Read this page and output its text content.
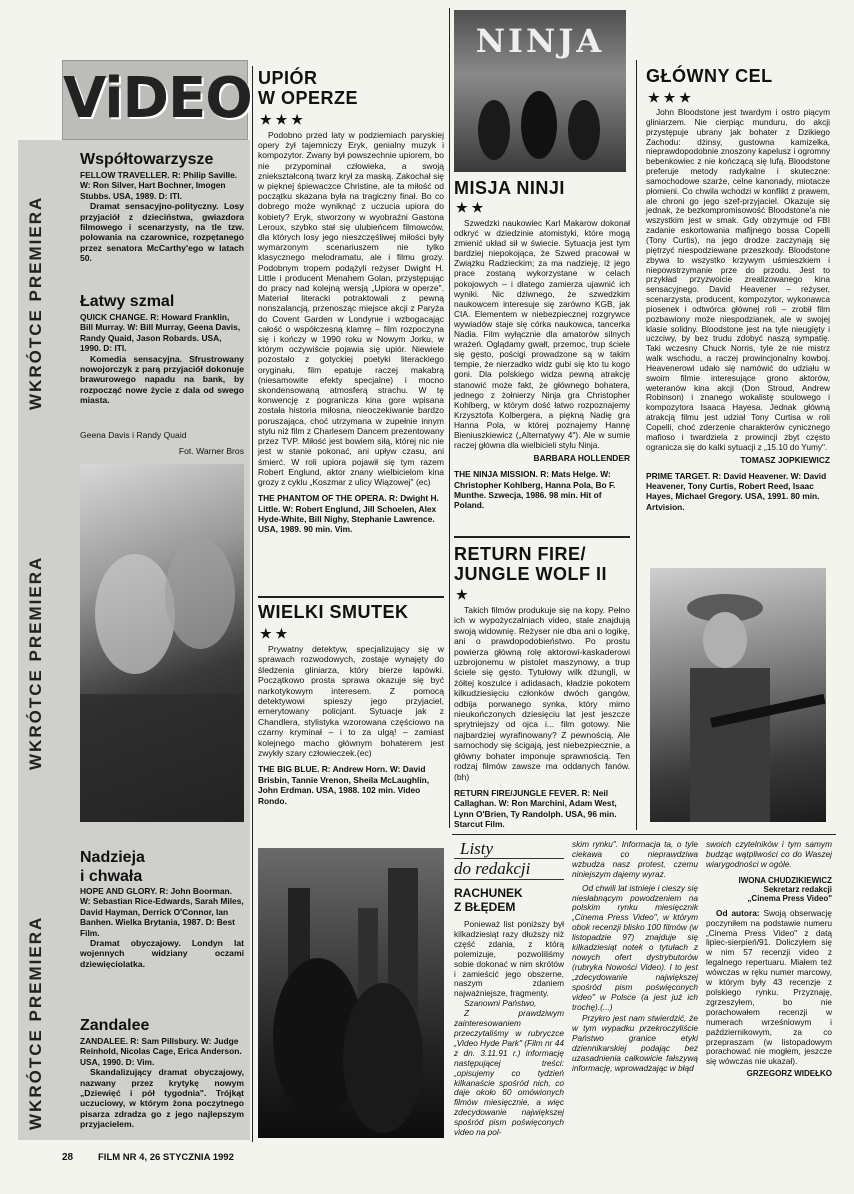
ViDEO
WKRÓTCE PREMIERA
WKRÓTCE PREMIERA
WKRÓTCE PREMIERA
Współtowarzysze
FELLOW TRAVELLER. R: Philip Saville. W: Ron Silver, Hart Bochner, Imogen Stubbs. USA, 1989. D: ITI.
Dramat sensacyjno-polityczny. Losy przyjaciół z dzieciństwa, gwiazdora filmowego i scenarzysty, na tle tzw. polowania na czarownice, rozpętanego przez senatora McCarthy'ego w latach 50.
Łatwy szmal
QUICK CHANGE. R: Howard Franklin, Bill Murray. W: Bill Murray, Geena Davis, Randy Quaid, Jason Robards. USA, 1990. D: ITI.
Komedia sensacyjna. Sfrustrowany nowojorczyk z parą przyjaciół dokonuje brawurowego napadu na bank, by rozpocząć nowe życie z dala od swego miasta.
Geena Davis i Randy Quaid
Fot. Warner Bros
Nadzieja
i chwała
HOPE AND GLORY. R: John Boorman. W: Sebastian Rice-Edwards, Sarah Miles, David Hayman, Derrick O'Connor, Ian Banhen. Wielka Brytania, 1987. D: Best Film.
Dramat obyczajowy. Londyn lat wojennych widziany oczami dziewięciolatka.
Zandalee
ZANDALEE. R: Sam Pillsbury. W: Judge Reinhold, Nicolas Cage, Erica Anderson. USA, 1990. D: Vim.
Skandalizujący dramat obyczajowy, nazwany przez krytykę nowym „Dziewięć i pół tygodnia". Trójkąt uczuciowy, w którym żona poczytnego pisarza zdradza go z jego najlepszym przyjacielem.
UPIÓR
W OPERZE
★★★
Podobno przed laty w podziemiach paryskiej opery żył tajemniczy Eryk, genialny muzyk i kompozytor. Zwany był powszechnie upiorem, bo nie przypominał człowieka, a swoją zniekształconą twarz krył za maską. Zakochał się w pięknej śpiewaczce Christine, ale ta miłość od początku skazana była na tragiczny finał. Bo co dobrego może wyniknąć z uczucia upiora do kobiety? Eryk, stworzony w wyobraźni Gastona Leroux, szybko stał się ulubieńcem filmowców, dla których losy jego nieszczęśliwej miłości były wymarzonym scenariuszem nie tylko klasycznego melodramatu, ale i filmu grozy. Podobnym tropem podążyli reżyser Dwight H. Little i producent Menahem Golan, przystępując do pracy nad kolejną wersją „Upiora w operze". Materiał literacki potraktowali z pewną nonszalancją, przenosząc miejsce akcji z Paryża do Covent Garden w Londynie i wzbogacając całość o współczesną klamrę – film rozpoczyna się i kończy w 1990 roku w Nowym Jorku, w którym oczywiście pojawia się upiór. Niewiele pozostało z gotyckiej poetyki literackiego oryginału, film epatuje raczej makabrą (niesamowite efekty specjalne) i mocno skondensowaną atmosferą strachu. W tę konwencję z pogranicza kina gore wpisana została historia miłosna, nieoczekiwanie bardzo poruszająca, choć utrzymana w zupełnie innym stylu niż film z Charlesem Dancem prezentowany przez TVP. Miłość jest bowiem siłą, której nic nie jest w stanie pokonać, ani upływ czasu, ani śmierć. W roli upiora pojawił się tym razem Robert Englund, aktor znany wielbicielom kina grozy z cyklu „Koszmar z ulicy Wiązowej" (ec)
THE PHANTOM OF THE OPERA. R: Dwight H. Little. W: Robert Englund, Jill Schoelen, Alex Hyde-White, Bill Nighy, Stephanie Lawrence. USA, 1989. 90 min. Vim.
WIELKI SMUTEK
★★
Prywatny detektyw, specjalizujący się w sprawach rozwodowych, zostaje wynajęty do śledzenia gliniarza, który bierze łapówki. Początkowo prosta sprawa okazuje się być narkotykowym interesem. Z pomocą detektywowi spieszy jego przyjaciel, emerytowany policjant. Sytuacje jak z Chandlera, stylistyka wzorowana częściowo na czarny kryminał – i to za ulgą! – zamiast kolejnego macho głównym bohaterem jest zwykły szary człowieczek.(ec)
THE BIG BLUE. R: Andrew Horn. W: David Brisbin, Tannie Vrenon, Sheila McLaughlin, John Erdman. USA, 1988. 102 min. Video Rondo.
NINJA
MISJA NINJI
★★
Szwedzki naukowiec Karl Makarow dokonał odkryć w dziedzinie atomistyki, które mogą zmienić układ sił w świecie. Sytuacja jest tym bardziej niepokojąca, że Szwed pracował w Związku Radzieckim; za ma nadzieję, iż jego prace zostaną wykorzystane w celach pokojowych – i dlatego zamierza ujawnić ich wyniki. Nic dziwnego, że szwedzkim naukowcem interesuje się zarówno KGB, jak CIA. Elementem w niebezpiecznej rozgrywce wywiadów staje się córka naukowca, tancerka Nadia. Film wyłącznie dla amatorów silnych wrażeń. Oglądamy gwałt, przemoc, trup ściele się gęsto, pościgi prowadzone są w takim tempie, że nierzadko widz gubi się kto tu kogo goni. Dla polskiego widza pewną atrakcję stanowić może fakt, że głównego bohatera, jednego z żołnierzy Ninja gra Christopher Kohlberg, w którym dość łatwo rozpoznajemy Krzysztofa Kolbergera, a piękną Nadię gra Hanna Pola, w której poznajemy Hannę Bieniuszkiewicz („Alternatywy 4"). Ale w sumie raczej główna dla wielbicieli stylu Ninja.
BARBARA HOLLENDER
THE NINJA MISSION. R: Mats Helge. W: Christopher Kohlberg, Hanna Pola, Bo F. Munthe. Szwecja, 1986. 98 min. Hit of Poland.
RETURN FIRE/
JUNGLE WOLF II
★
Takich filmów produkuje się na kopy. Pełno ich w wypożyczalniach video, stale znajdują swoją widownię. Reżyser nie dba ani o logikę, ani o prawdopodobieństwo. Po prostu powierza główną rolę aktorowi-kaskaderowi uzbrojonemu w pistolet maszynowy, a trup ściele się gęsto. Tytułowy wilk dżungli, w żółtej koszulce i adidasach, kładzie pokotem kilkudziesięciu członków dwóch gangów, odbija porwanego synka, który mimo nieukończonych dziesięciu lat jest jeszcze sprytniejszy od ojca i... film gotowy. Nie najbardziej wyrafinowany? Z pewnością. Ale samochody się ścigają, jest niebezpiecznie, a główny bohater imponuje sprawnością. Ten rodzaj filmów zawsze ma oddanych fanów. (bh)
RETURN FIRE/JUNGLE FEVER. R: Neil Callaghan. W: Ron Marchini, Adam West, Lynn O'Brien, Ty Randolph. USA, 96 min. Starcut Film.
GŁÓWNY CEL
★★★
John Bloodstone jest twardym i ostro piącym gliniarzem. Nie cierpiąc munduru, do akcji przystępuje ubrany jak bohater z Dzikiego Zachodu: dżinsy, gustowna kamizelka, nieprawdopodobnie znoszony kapelusz i ogromny bebenkowiec z nie kończącą się lufą. Bloodstone preferuje metody radykalne i skuteczne: samochodowe szarże, celne kanonady, miotacze płomieni. Co chwila wchodzi w konflikt z prawem, ale chroni go jego szef-przyjaciel. Okazuje się jednak, że bezkompromisowość Bloodstone'a nie wszystkim jest w smak. Gdy otrzymuje od FBI zadanie eskortowania mafijnego bossa Copelli (Tony Curtis), na jego drodze zaczynają się piętrzyć niespodziewane przeszkody. Bloodstone zbywa to wszystko krzywym uśmieszkiem i niepowstrzymanie prze do przodu. Jest to przykład przyzwoicie zrealizowanego kina sensacyjnego. David Heavener – reżyser, scenarzysta, producent, kompozytor, wykonawca piosenek i odtwórca głównej roli – zrobił film pozbawiony może niespodzianek, ale w swojej klasie solidny. Bloodstone jest na tyle nieugięty i uczciwy, by bez trudu zdobyć naszą sympatię. Taki wczesny Chuck Norris, tyle że nie mistrz walk wschodu, a raczej prowincjonalny kowboj. Heavenerowi udało się namówić do udziału w swoim filmie interesujące grono aktorów, weteranów kina akcji (Don Stroud, Andrew Robinson) i znanego wokalistę soulowego i kompozytora Isaaca Hayesa. Jednak główną atrakcją filmu jest udział Tony Curtisa w roli Copelli, choć zderzenie charakterów cynicznego mafioso i twardziela z prowincji zbyt często ogranicza się do kalki sytuacji z „15.10 do Yumy".
TOMASZ JOPKIEWICZ
PRIME TARGET. R: David Heavener. W: David Heavener, Tony Curtis, Robert Reed, Isaac Hayes, Michael Gregory. USA, 1991. 80 min. Artvision.
Listy
do redakcji
RACHUNEK
Z BŁĘDEM
Ponieważ list poniższy był kilkadziesiąt razy dłuższy niż część zdania, z którą polemizuje, pozwoliliśmy sobie dokonać w nim skrótów i zamieścić jego obszerne, naszym zdaniem najważniejsze, fragmenty.
Szanowni Państwo,
Z prawdziwym zainteresowaniem przeczytaliśmy w rubryczce „Video Hyde Park" (Film nr 44 z dn. 3.11.91 r.) informację następującej treści: „opisujemy co tydzień kilkanaście spośród nich, co daje około 60 omówionych filmów miesięcznie, a więc zdecydowanie największej spośród pism poświęconych video na pol-
skim rynku". Informacja ta, o tyle ciekawa co nieprawdziwa wzbudza nasz protest, czemu niniejszym dajemy wyraz.
Od chwili lat istnieje i cieszy się niesłabnącym powodzeniem na polskim rynku miesięcznik „Cinema Press Video", w którym obok recenzji blisko 100 filmów (w listopadzie 97) znajduje się kilkadziesiąt notek o tytułach z nowych ofert dystrybutorów (rubryka Nowości Video). I to jest „zdecydowanie największej spośród pism poświęconych video" w Polsce (a jest już ich trochę).(...)
Przykro jest nam stwierdzić, że w tym wypadku przekroczyliście Państwo granice etyki dziennikarskiej podając bez uzasadnienia całkowicie fałszywą informację, wprowadzając w błąd
swoich czytelników i tym samym budząc wątpliwości co do Waszej wiarygodności w ogóle.
IWONA CHUDZIKIEWICZ
Sekretarz redakcji
„Cinema Press Video"
Od autora: Swoją obserwację poczyniłem na podstawie numeru „Cinema Press Video" z datą lipiec-sierpień/91. Doliczyłem się w nim 57 recenzji video z legalnego repertuaru. Miałem też wówczas w ręku numer marcowy, w którym były 43 recenzje z polskiego rynku. Przyznaję, zgrzeszyłem, bo nie porachowałem recenzji w numerach wrześniowym i październikowym, za co przepraszam (w listopadowym porachować nie mogłem, jeszcze się wówczas nie ukazał).
GRZEGORZ WIDEŁKO
28	FILM NR 4, 26 STYCZNIA 1992
